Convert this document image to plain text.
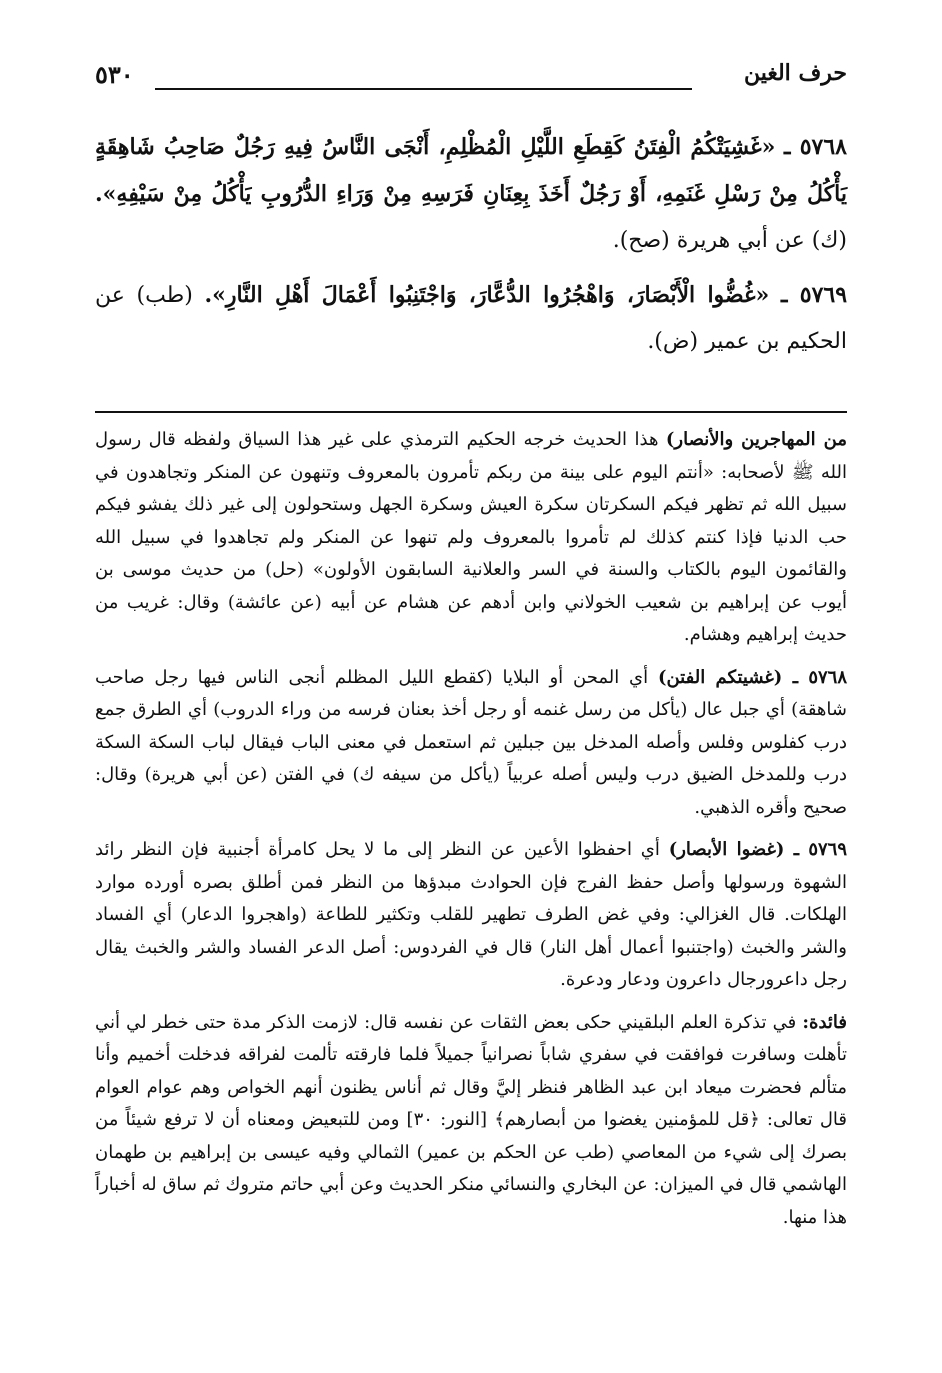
٥٣٠	حرف الغين

٥٧٦٨ ـ «غَشِيَتْكُمُ الْفِتَنُ كَقِطَعِ اللَّيْلِ الْمُظْلِمِ، أَنْجَى النَّاسُ فِيهِ رَجُلٌ صَاحِبُ شَاهِقَةٍ يَأْكُلُ مِنْ رَسْلِ غَنَمِهِ، أَوْ رَجُلٌ أَخَذَ بِعِنَانِ فَرَسِهِ مِنْ وَرَاءِ الدُّرُوبِ يَأْكُلُ مِنْ سَيْفِهِ». (ك) عن أبي هريرة (صح).

٥٧٦٩ ـ «غُضُّوا الْأَبْصَارَ، وَاهْجُرُوا الدُّعَّارَ، وَاجْتَنِبُوا أَعْمَالَ أَهْلِ النَّارِ». (طب) عن الحكيم بن عمير (ض).

من المهاجرين والأنصار) هذا الحديث خرجه الحكيم الترمذي على غير هذا السياق ولفظه قال رسول الله ﷺ لأصحابه: «أنتم اليوم على بينة من ربكم تأمرون بالمعروف وتنهون عن المنكر وتجاهدون في سبيل الله ثم تظهر فيكم السكرتان سكرة العيش وسكرة الجهل وستحولون إلى غير ذلك يفشو فيكم حب الدنيا فإذا كنتم كذلك لم تأمروا بالمعروف ولم تنهوا عن المنكر ولم تجاهدوا في سبيل الله والقائمون اليوم بالكتاب والسنة في السر والعلانية السابقون الأولون» (حل) من حديث موسى بن أيوب عن إبراهيم بن شعيب الخولاني وابن أدهم عن هشام عن أبيه (عن عائشة) وقال: غريب من حديث إبراهيم وهشام.

٥٧٦٨ ـ (غشيتكم الفتن) أي المحن أو البلايا (كقطع الليل المظلم أنجى الناس فيها رجل صاحب شاهقة) أي جبل عال (يأكل من رسل غنمه أو رجل أخذ بعنان فرسه من وراء الدروب) أي الطرق جمع درب كفلوس وفلس وأصله المدخل بين جبلين ثم استعمل في معنى الباب فيقال لباب السكة السكة درب وللمدخل الضيق درب وليس أصله عربياً (يأكل من سيفه ك) في الفتن (عن أبي هريرة) وقال: صحيح وأقره الذهبي.

٥٧٦٩ ـ (غضوا الأبصار) أي احفظوا الأعين عن النظر إلى ما لا يحل كامرأة أجنبية فإن النظر رائد الشهوة ورسولها وأصل حفظ الفرج فإن الحوادث مبدؤها من النظر فمن أطلق بصره أورده موارد الهلكات. قال الغزالي: وفي غض الطرف تطهير للقلب وتكثير للطاعة (واهجروا الدعار) أي الفساد والشر والخبث (واجتنبوا أعمال أهل النار) قال في الفردوس: أصل الدعر الفساد والشر والخبث يقال رجل داعرورجال داعرون ودعار ودعرة.

فائدة: في تذكرة العلم البلقيني حكى بعض الثقات عن نفسه قال: لازمت الذكر مدة حتى خطر لي أني تأهلت وسافرت فوافقت في سفري شاباً نصرانياً جميلاً فلما فارقته تألمت لفراقه فدخلت أخميم وأنا متألم فحضرت ميعاد ابن عبد الظاهر فنظر إليَّ وقال ثم أناس يظنون أنهم الخواص وهم عوام العوام قال تعالى: ﴿قل للمؤمنين يغضوا من أبصارهم﴾ [النور: ٣٠] ومن للتبعيض ومعناه أن لا ترفع شيئاً من بصرك إلى شيء من المعاصي (طب عن الحكم بن عمير) الثمالي وفيه عيسى بن إبراهيم بن طهمان الهاشمي قال في الميزان: عن البخاري والنسائي منكر الحديث وعن أبي حاتم متروك ثم ساق له أخباراً هذا منها.
